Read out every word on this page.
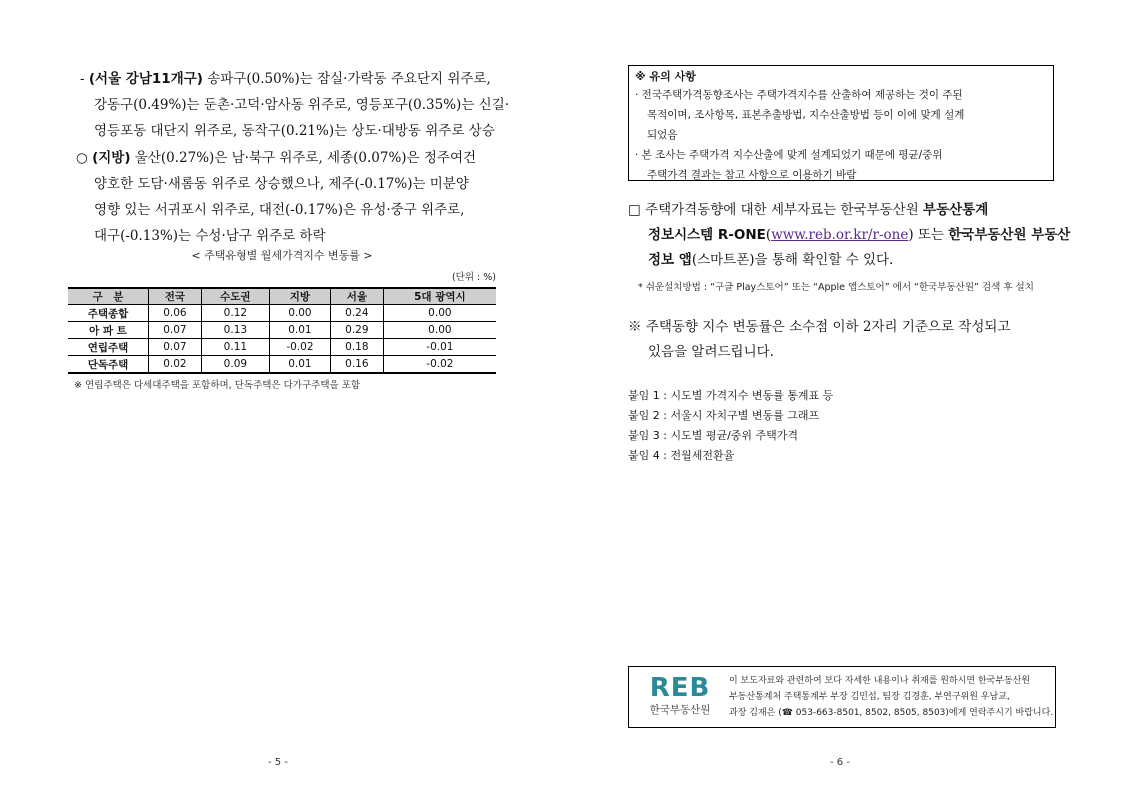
- (서울 강남11개구) 송파구(0.50%)는 잠실·가락동 주요단지 위주로,
강동구(0.49%)는 둔촌·고덕·암사동 위주로, 영등포구(0.35%)는 신길·
영등포동 대단지 위주로, 동작구(0.21%)는 상도·대방동 위주로 상승
○ (지방) 울산(0.27%)은 남·북구 위주로, 세종(0.07%)은 정주여건
양호한 도담·새롬동 위주로 상승했으나, 제주(-0.17%)는 미분양
영향 있는 서귀포시 위주로, 대전(-0.17%)은 유성·중구 위주로,
대구(-0.13%)는 수성·남구 위주로 하락
< 주택유형별 월세가격지수 변동률 >
(단위 : %)
구　분	전국	수도권	지방	서울	5대 광역시
주택종합	0.06	0.12	0.00	0.24	0.00
아 파 트	0.07	0.13	0.01	0.29	0.00
연립주택	0.07	0.11	-0.02	0.18	-0.01
단독주택	0.02	0.09	0.01	0.16	-0.02
※ 연립주택은 다세대주택을 포함하며, 단독주택은 다가구주택을 포함
- 5 -
※ 유의 사항
· 전국주택가격동향조사는 주택가격지수를 산출하여 제공하는 것이 주된
목적이며, 조사항목, 표본추출방법, 지수산출방법 등이 이에 맞게 설계
되었음
· 본 조사는 주택가격 지수산출에 맞게 설계되었기 때문에 평균/중위
주택가격 결과는 참고 사항으로 이용하기 바람
□ 주택가격동향에 대한 세부자료는 한국부동산원 부동산통계
정보시스템 R-ONE(www.reb.or.kr/r-one) 또는 한국부동산원 부동산
정보 앱(스마트폰)을 통해 확인할 수 있다.
* 쉬운설치방법 : “구글 Play스토어” 또는 “Apple 앱스토어” 에서 “한국부동산원” 검색 후 설치
※ 주택동향 지수 변동률은 소수점 이하 2자리 기준으로 작성되고
있음을 알려드립니다.
붙임 1 : 시도별 가격지수 변동률 통계표 등
붙임 2 : 서울시 자치구별 변동률 그래프
붙임 3 : 시도별 평균/중위 주택가격
붙임 4 : 전월세전환율
REB
한국부동산원
이 보도자료와 관련하여 보다 자세한 내용이나 취재를 원하시면 한국부동산원
부동산통계처 주택통계부 부장 김민섭, 팀장 김경훈, 부연구위원 우남교,
과장 김재은 (☎ 053-663-8501, 8502, 8505, 8503)에게 연락주시기 바랍니다.
- 6 -
